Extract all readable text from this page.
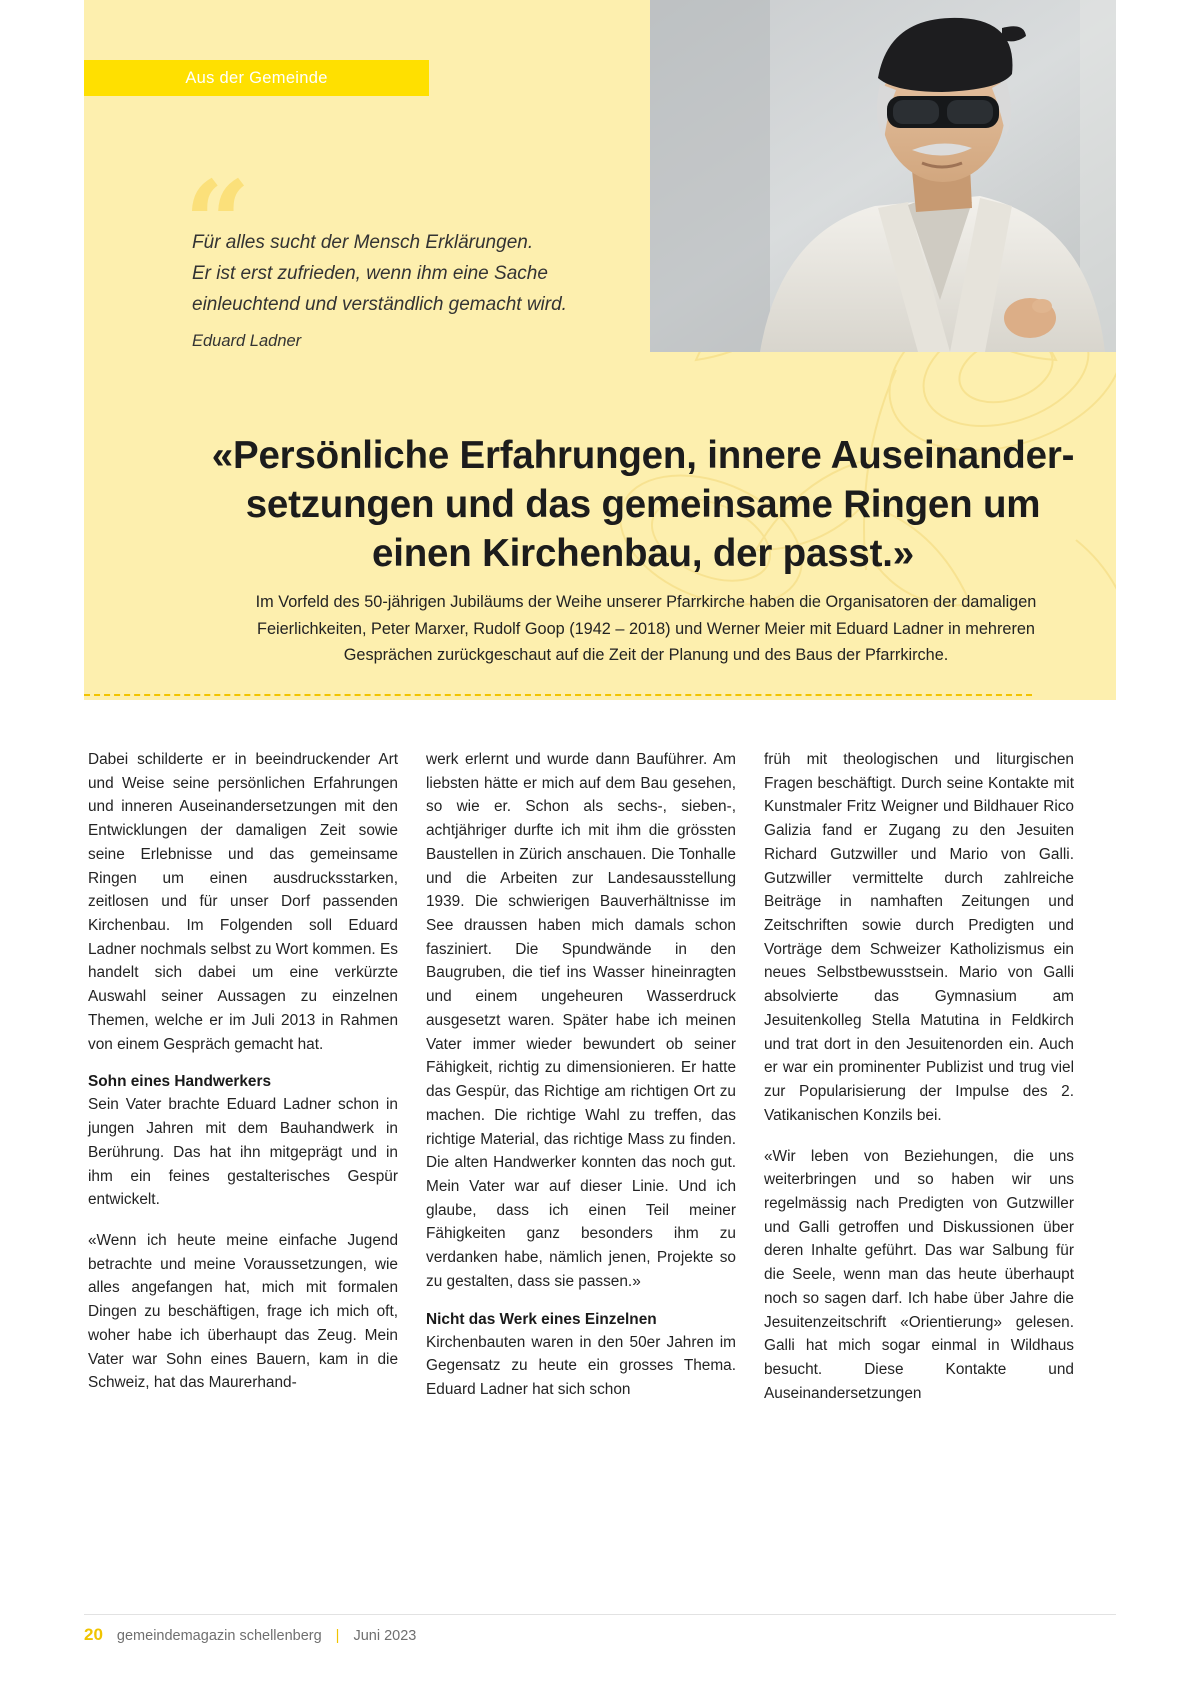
Aus der Gemeinde
“
Für alles sucht der Mensch Erklärungen.
Er ist erst zufrieden, wenn ihm eine Sache
einleuchtend und verständlich gemacht wird.
Eduard Ladner
«Persönliche Erfahrungen, innere Auseinander-
setzungen und das gemeinsame Ringen um
einen Kirchenbau, der passt.»

Im Vorfeld des 50-jährigen Jubiläums der Weihe unserer Pfarrkirche haben die Organisatoren der damaligen Feierlichkeiten, Peter Marxer, Rudolf Goop (1942 – 2018) und Werner Meier mit Eduard Ladner in mehreren Gesprächen zurückgeschaut auf die Zeit der Planung und des Baus der Pfarrkirche.

Dabei schilderte er in beeindruckender Art und Weise seine persönlichen Erfahrungen und inneren Auseinandersetzungen mit den Entwicklungen der damaligen Zeit sowie seine Erlebnisse und das gemeinsame Ringen um einen ausdrucksstarken, zeitlosen und für unser Dorf passenden Kirchenbau. Im Folgenden soll Eduard Ladner nochmals selbst zu Wort kommen. Es handelt sich dabei um eine verkürzte Auswahl seiner Aussagen zu einzelnen Themen, welche er im Juli 2013 in Rahmen von einem Gespräch gemacht hat.

Sohn eines Handwerkers

Sein Vater brachte Eduard Ladner schon in jungen Jahren mit dem Bauhandwerk in Berührung. Das hat ihn mitgeprägt und in ihm ein feines gestalterisches Gespür entwickelt.

«Wenn ich heute meine einfache Jugend betrachte und meine Voraussetzungen, wie alles angefangen hat, mich mit formalen Dingen zu beschäftigen, frage ich mich oft, woher habe ich überhaupt das Zeug. Mein Vater war Sohn eines Bauern, kam in die Schweiz, hat das Maurerhand-

werk erlernt und wurde dann Bauführer. Am liebsten hätte er mich auf dem Bau gesehen, so wie er. Schon als sechs-, sieben-, achtjähriger durfte ich mit ihm die grössten Baustellen in Zürich anschauen. Die Tonhalle und die Arbeiten zur Landesausstellung 1939. Die schwierigen Bauverhältnisse im See draussen haben mich damals schon fasziniert. Die Spundwände in den Baugruben, die tief ins Wasser hineinragten und einem ungeheuren Wasserdruck ausgesetzt waren. Später habe ich meinen Vater immer wieder bewundert ob seiner Fähigkeit, richtig zu dimensionieren. Er hatte das Gespür, das Richtige am richtigen Ort zu machen. Die richtige Wahl zu treffen, das richtige Material, das richtige Mass zu finden. Die alten Handwerker konnten das noch gut. Mein Vater war auf dieser Linie. Und ich glaube, dass ich einen Teil meiner Fähigkeiten ganz besonders ihm zu verdanken habe, nämlich jenen, Projekte so zu gestalten, dass sie passen.»

Nicht das Werk eines Einzelnen

Kirchenbauten waren in den 50er Jahren im Gegensatz zu heute ein grosses Thema. Eduard Ladner hat sich schon

früh mit theologischen und liturgischen Fragen beschäftigt. Durch seine Kontakte mit Kunstmaler Fritz Weigner und Bildhauer Rico Galizia fand er Zugang zu den Jesuiten Richard Gutzwiller und Mario von Galli. Gutzwiller vermittelte durch zahlreiche Beiträge in namhaften Zeitungen und Zeitschriften sowie durch Predigten und Vorträge dem Schweizer Katholizismus ein neues Selbstbewusstsein. Mario von Galli absolvierte das Gymnasium am Jesuitenkolleg Stella Matutina in Feldkirch und trat dort in den Jesuitenorden ein. Auch er war ein prominenter Publizist und trug viel zur Popularisierung der Impulse des 2. Vatikanischen Konzils bei.

«Wir leben von Beziehungen, die uns weiterbringen und so haben wir uns regelmässig nach Predigten von Gutzwiller und Galli getroffen und Diskussionen über deren Inhalte geführt. Das war Salbung für die Seele, wenn man das heute überhaupt noch so sagen darf. Ich habe über Jahre die Jesuitenzeitschrift «Orientierung» gelesen. Galli hat mich sogar einmal in Wildhaus besucht. Diese Kontakte und Auseinandersetzungen

20 gemeindemagazin schellenberg | Juni 2023
